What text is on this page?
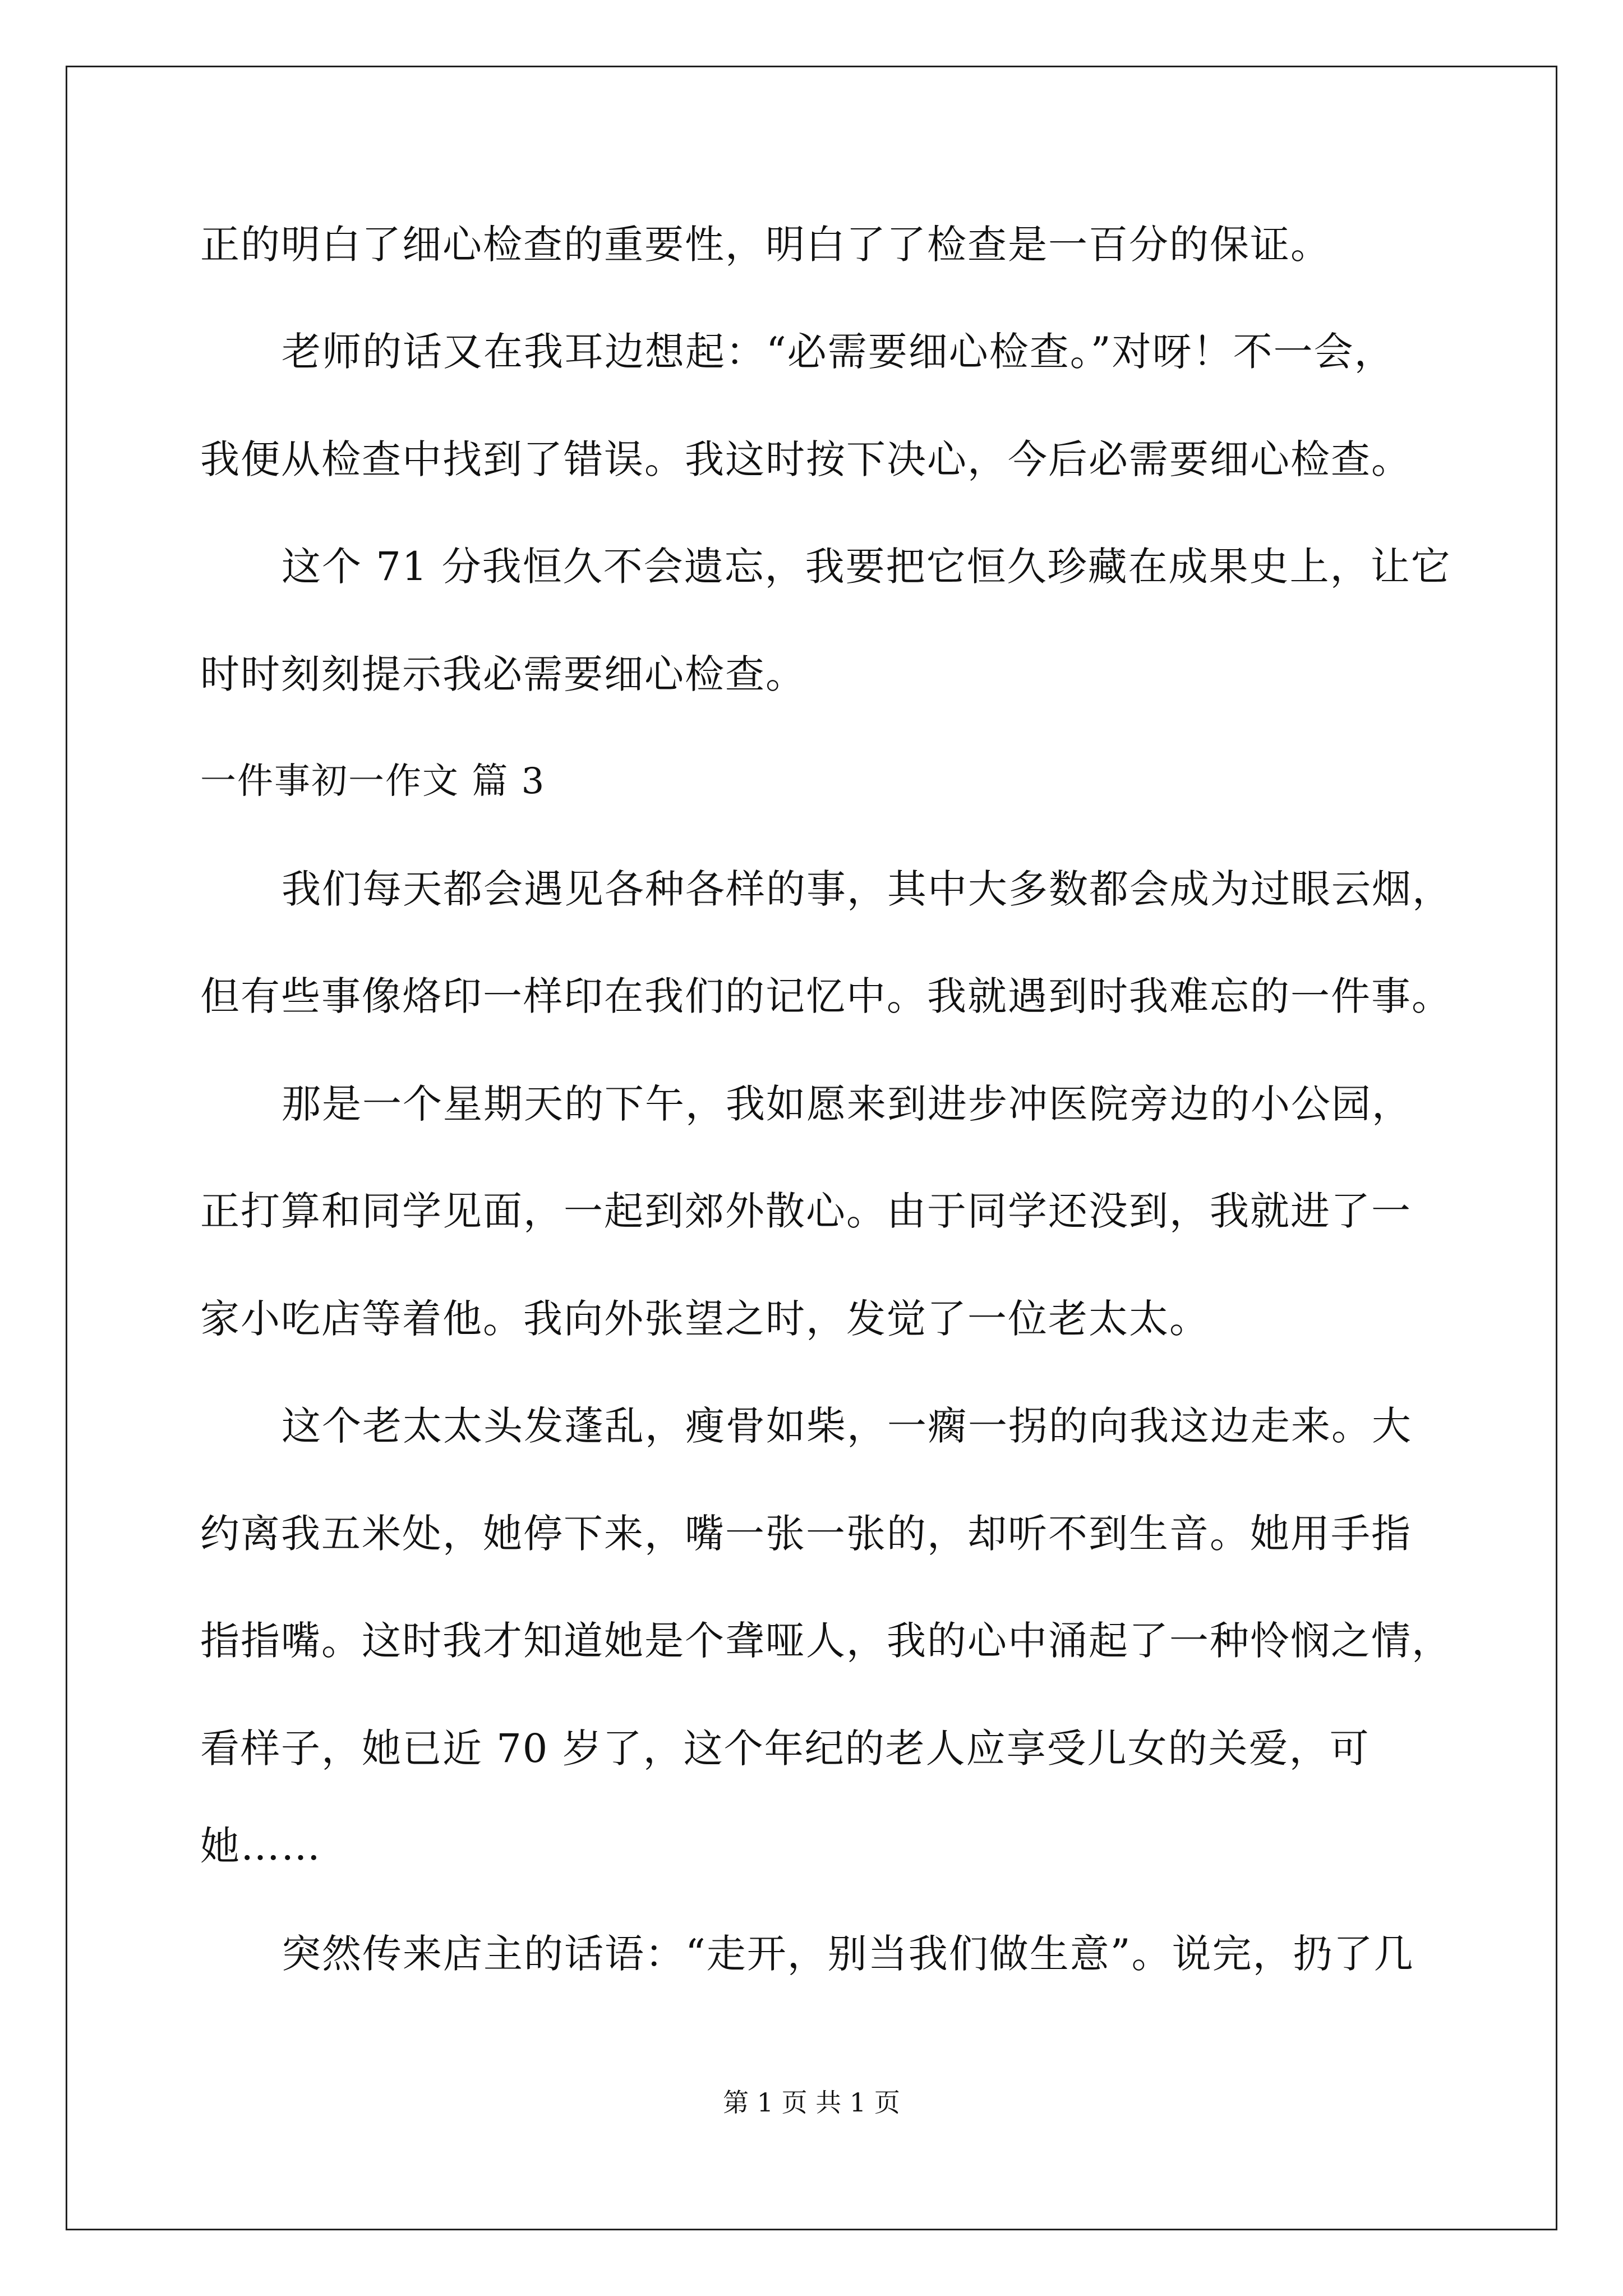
正的明白了细心检查的重要性，明白了了检查是一百分的保证。
老师的话又在我耳边想起：“必需要细心检查。”对呀！不一会，
我便从检查中找到了错误。我这时按下决心，今后必需要细心检查。
这个 71 分我恒久不会遗忘，我要把它恒久珍藏在成果史上，让它
时时刻刻提示我必需要细心检查。
一件事初一作文 篇 3
我们每天都会遇见各种各样的事，其中大多数都会成为过眼云烟，
但有些事像烙印一样印在我们的记忆中。我就遇到时我难忘的一件事。
那是一个星期天的下午，我如愿来到进步冲医院旁边的小公园，
正打算和同学见面，一起到郊外散心。由于同学还没到，我就进了一
家小吃店等着他。我向外张望之时，发觉了一位老太太。
这个老太太头发蓬乱，瘦骨如柴，一瘸一拐的向我这边走来。大
约离我五米处，她停下来，嘴一张一张的，却听不到生音。她用手指
指指嘴。这时我才知道她是个聋哑人，我的心中涌起了一种怜悯之情，
看样子，她已近 70 岁了，这个年纪的老人应享受儿女的关爱，可
她……
突然传来店主的话语：“走开，别当我们做生意”。说完，扔了几
第 1 页 共 1 页
